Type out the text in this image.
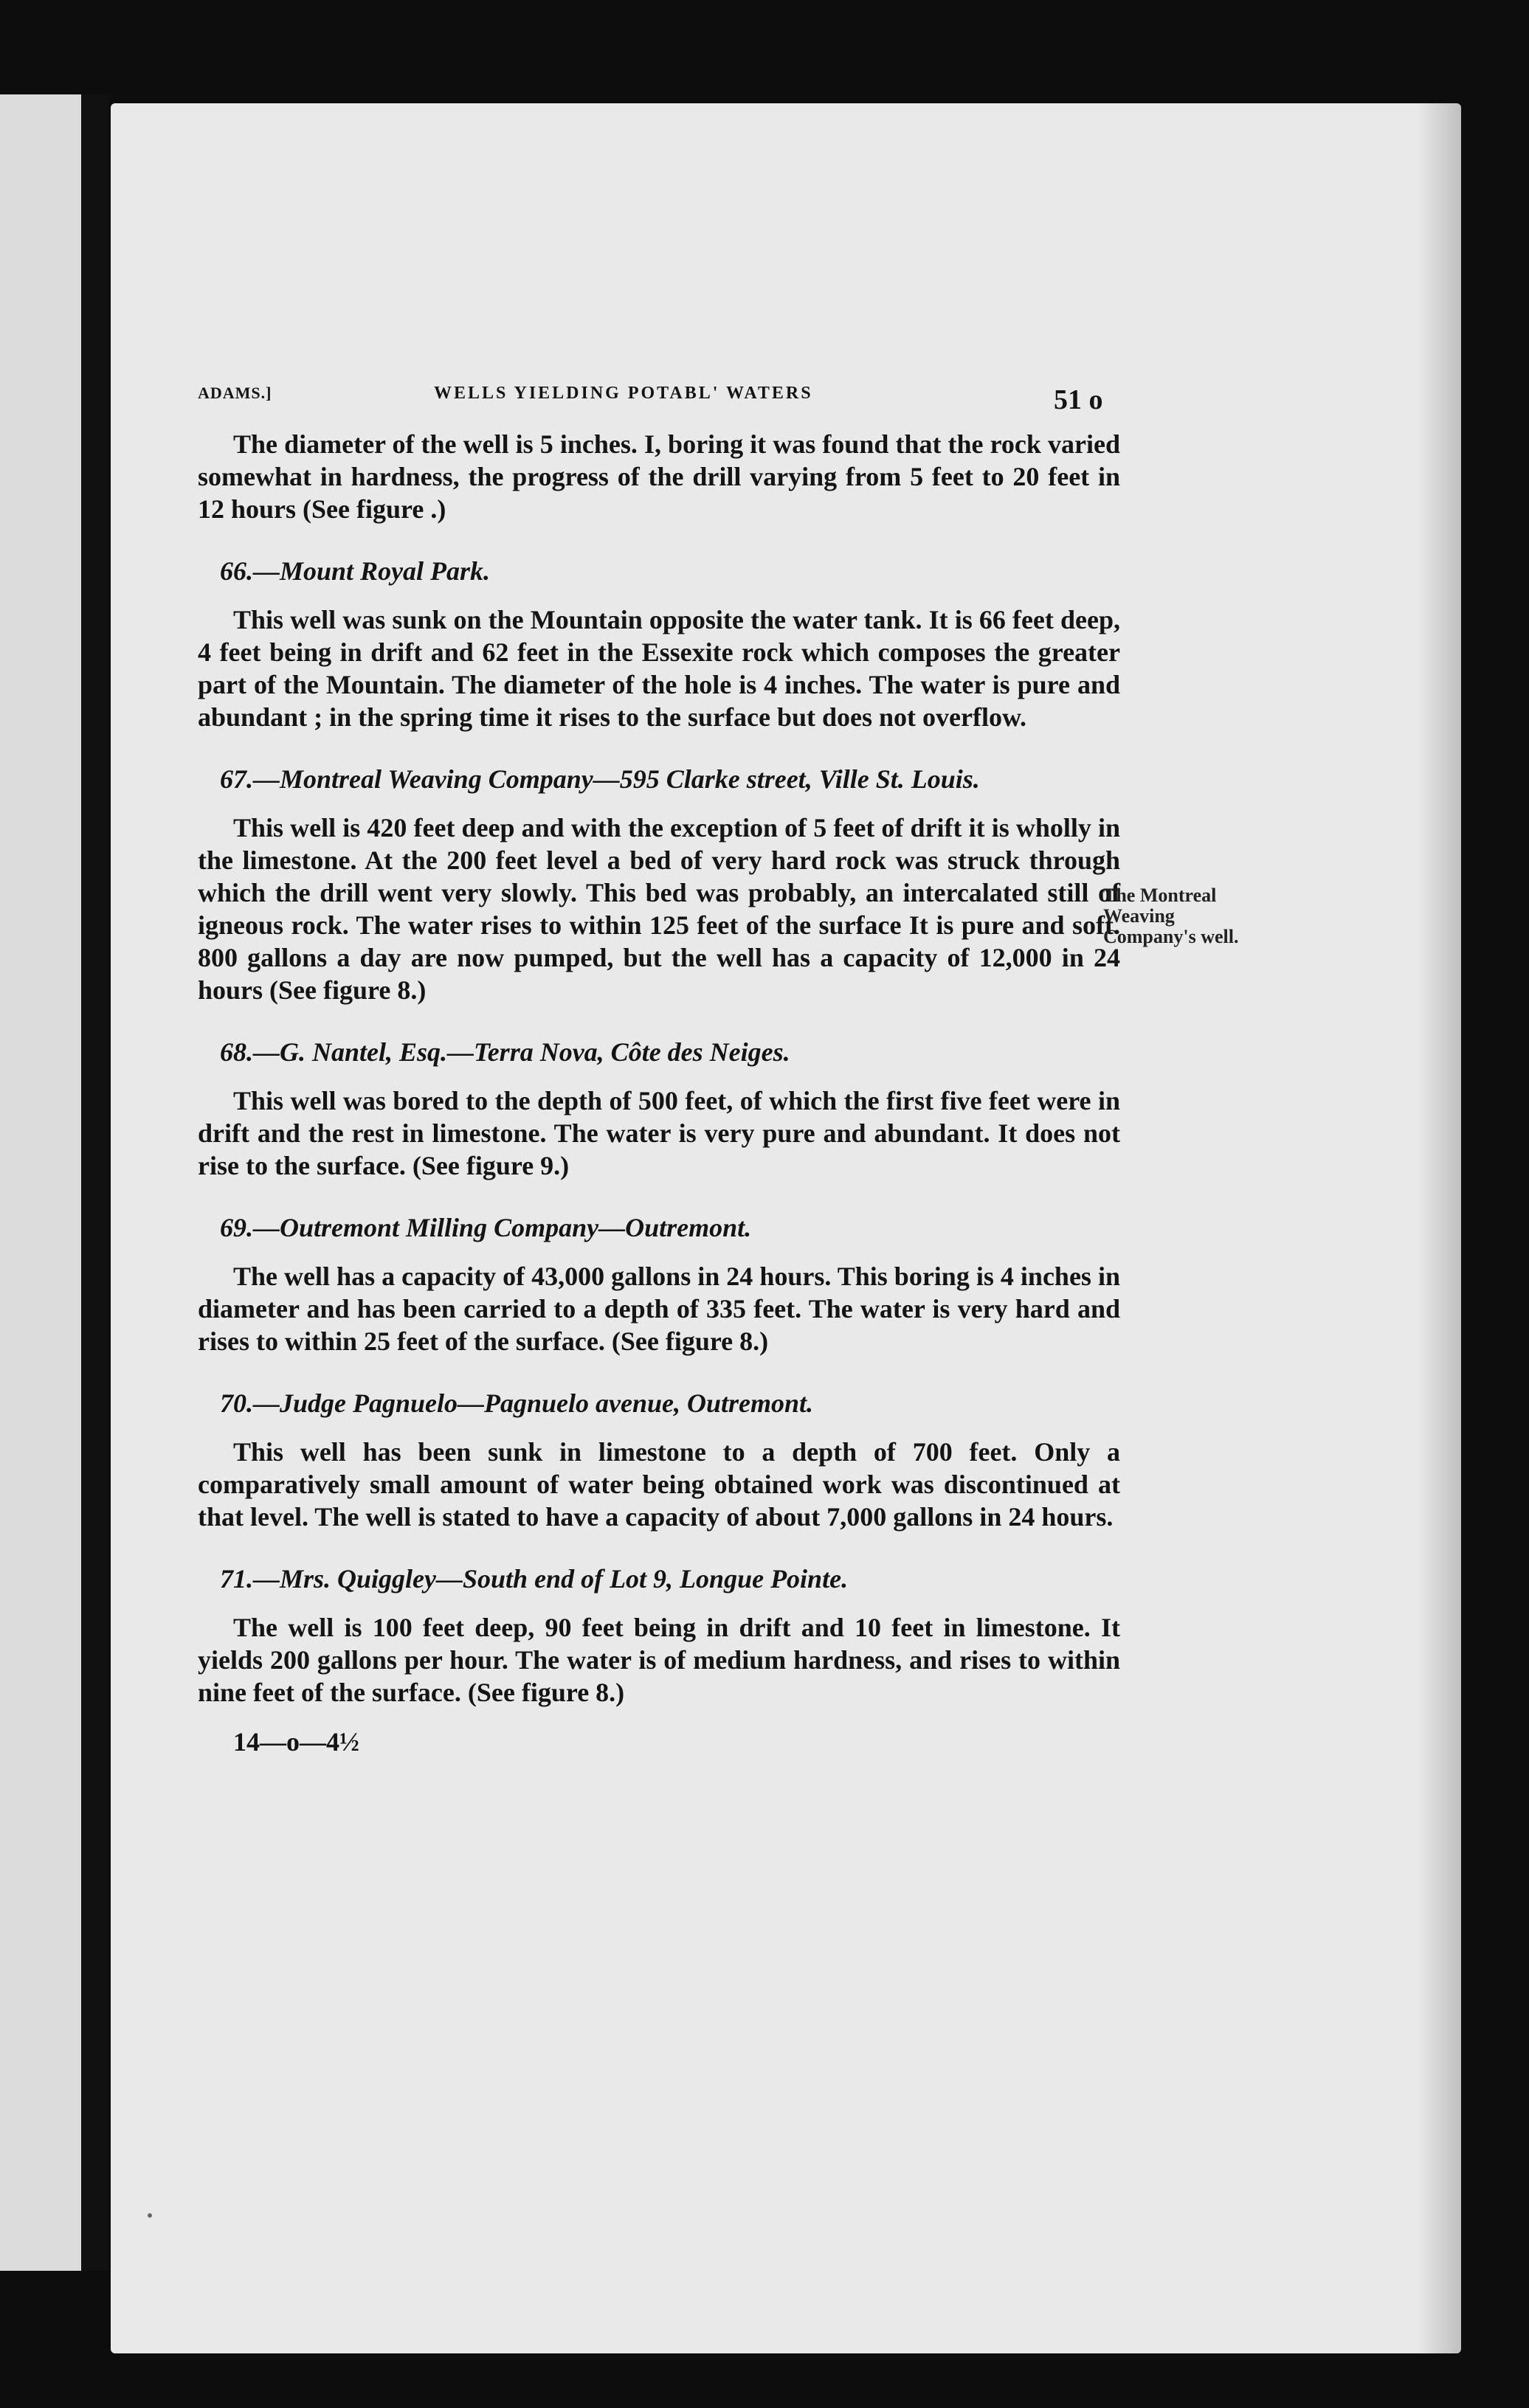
ADAMS.]	WELLS YIELDING POTABL' WATERS	51 o

The diameter of the well is 5 inches. I, boring it was found that the rock varied somewhat in hardness, the progress of the drill varying from 5 feet to 20 feet in 12 hours (See figure .)

66.—Mount Royal Park.

This well was sunk on the Mountain opposite the water tank. It is 66 feet deep, 4 feet being in drift and 62 feet in the Essexite rock which composes the greater part of the Mountain. The diameter of the hole is 4 inches. The water is pure and abundant ; in the spring time it rises to the surface but does not overflow.

67.—Montreal Weaving Company—595 Clarke street, Ville St. Louis.

This well is 420 feet deep and with the exception of 5 feet of drift it is wholly in the limestone. At the 200 feet level a bed of very hard rock was struck through which the drill went very slowly. This bed was probably, an intercalated still of igneous rock. The water rises to within 125 feet of the surface It is pure and soft. 800 gallons a day are now pumped, but the well has a capacity of 12,000 in 24 hours (See figure 8.)

68.—G. Nantel, Esq.—Terra Nova, Côte des Neiges.

This well was bored to the depth of 500 feet, of which the first five feet were in drift and the rest in limestone. The water is very pure and abundant. It does not rise to the surface. (See figure 9.)

69.—Outremont Milling Company—Outremont.

The well has a capacity of 43,000 gallons in 24 hours. This boring is 4 inches in diameter and has been carried to a depth of 335 feet. The water is very hard and rises to within 25 feet of the surface. (See figure 8.)

70.—Judge Pagnuelo—Pagnuelo avenue, Outremont.

This well has been sunk in limestone to a depth of 700 feet. Only a comparatively small amount of water being obtained work was discontinued at that level. The well is stated to have a capacity of about 7,000 gallons in 24 hours.

71.—Mrs. Quiggley—South end of Lot 9, Longue Pointe.

The well is 100 feet deep, 90 feet being in drift and 10 feet in limestone. It yields 200 gallons per hour. The water is of medium hardness, and rises to within nine feet of the surface. (See figure 8.)

14—o—4½
The Montreal Weaving Company's well.
